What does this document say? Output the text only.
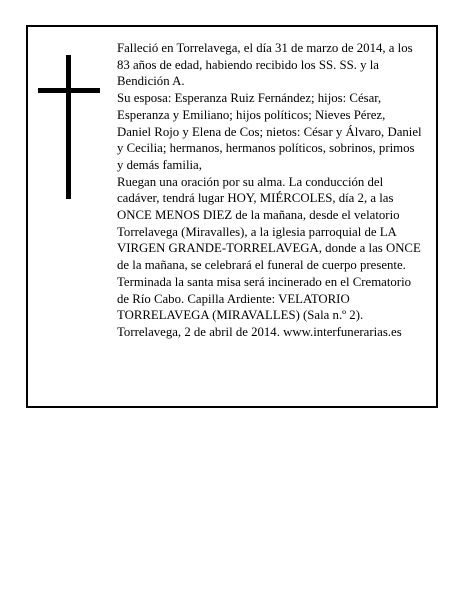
Falleció en Torrelavega, el día 31 de marzo de 2014, a los 83 años de edad, habiendo recibido los SS. SS. y la Bendición A.

Su esposa: Esperanza Ruiz Fernández; hijos: César, Esperanza y Emiliano; hijos políticos; Nieves Pérez, Daniel Rojo y Elena de Cos; nietos: César y Álvaro, Daniel y Cecilia; hermanos, hermanos políticos, sobrinos, primos y demás familia,

Ruegan una oración por su alma. La conducción del cadáver, tendrá lugar HOY, MIÉRCOLES, día 2, a las ONCE MENOS DIEZ de la mañana, desde el velatorio Torrelavega (Miravalles), a la iglesia parroquial de LA VIRGEN GRANDE-TORRELAVEGA, donde a las ONCE de la mañana, se celebrará el funeral de cuerpo presente. Terminada la santa misa será incinerado en el Crematorio de Río Cabo. Capilla Ardiente: VELATORIO TORRELAVEGA (MIRAVALLES) (Sala n.º 2).

Torrelavega, 2 de abril de 2014. www.interfunerarias.es
